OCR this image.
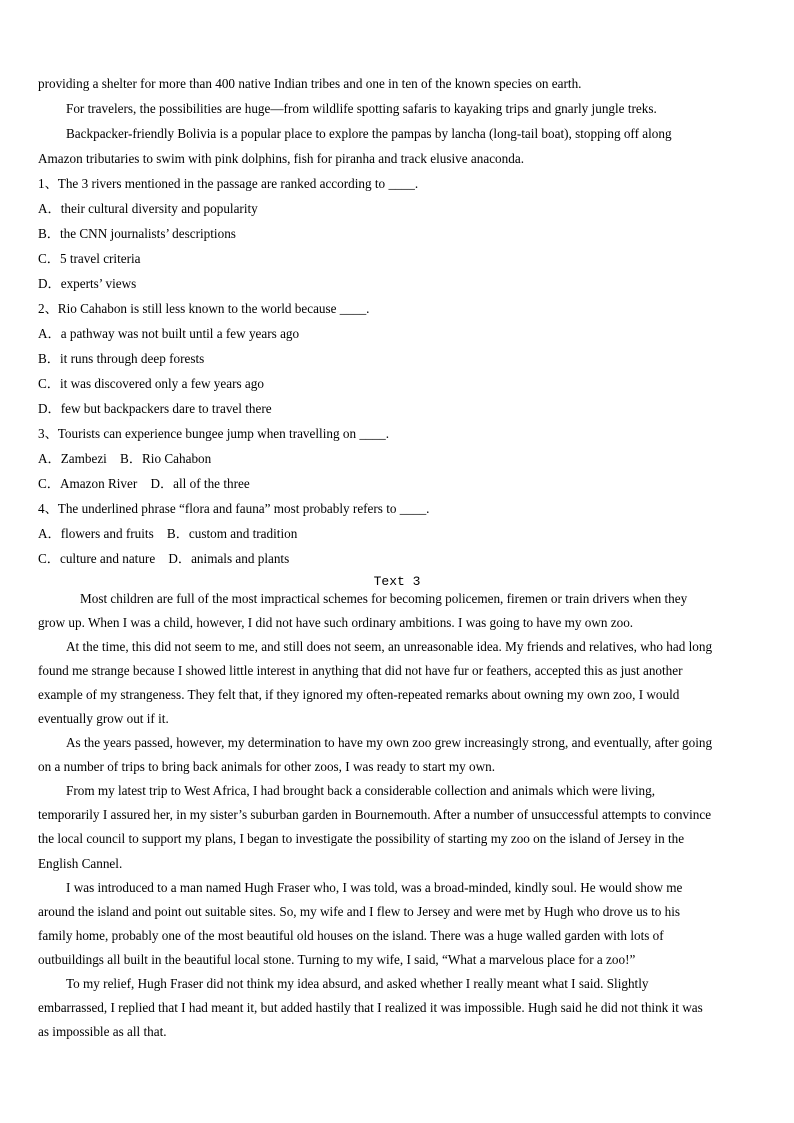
providing a shelter for more than 400 native Indian tribes and one in ten of the known species on earth.
For travelers, the possibilities are huge—from wildlife spotting safaris to kayaking trips and gnarly jungle treks.
Backpacker-friendly Bolivia is a popular place to explore the pampas by lancha (long-tail boat), stopping off along
Amazon tributaries to swim with pink dolphins, fish for piranha and track elusive anaconda.
1、The 3 rivers mentioned in the passage are ranked according to ____.
A．their cultural diversity and popularity
B．the CNN journalists’ descriptions
C．5 travel criteria
D．experts’ views
2、Rio Cahabon is still less known to the world because ____.
A．a pathway was not built until a few years ago
B．it runs through deep forests
C．it was discovered only a few years ago
D．few but backpackers dare to travel there
3、Tourists can experience bungee jump when travelling on ____.
A．Zambezi    B．Rio Cahabon
C．Amazon River    D．all of the three
4、The underlined phrase “flora and fauna” most probably refers to ____.
A．flowers and fruits    B．custom and tradition
C．culture and nature    D．animals and plants
Text 3
Most children are full of the most impractical schemes for becoming policemen, firemen or train drivers when they
grow up. When I was a child, however, I did not have such ordinary ambitions. I was going to have my own zoo.
At the time, this did not seem to me, and still does not seem, an unreasonable idea. My friends and relatives, who had long
found me strange because I showed little interest in anything that did not have fur or feathers, accepted this as just another
example of my strangeness. They felt that, if they ignored my often-repeated remarks about owning my own zoo, I would
eventually grow out if it.
As the years passed, however, my determination to have my own zoo grew increasingly strong, and eventually, after going
on a number of trips to bring back animals for other zoos, I was ready to start my own.
From my latest trip to West Africa, I had brought back a considerable collection and animals which were living,
temporarily I assured her, in my sister’s suburban garden in Bournemouth. After a number of unsuccessful attempts to convince
the local council to support my plans, I began to investigate the possibility of starting my zoo on the island of Jersey in the
English Cannel.
I was introduced to a man named Hugh Fraser who, I was told, was a broad-minded, kindly soul. He would show me
around the island and point out suitable sites. So, my wife and I flew to Jersey and were met by Hugh who drove us to his
family home, probably one of the most beautiful old houses on the island. There was a huge walled garden with lots of
outbuildings all built in the beautiful local stone. Turning to my wife, I said, “What a marvelous place for a zoo!”
To my relief, Hugh Fraser did not think my idea absurd, and asked whether I really meant what I said. Slightly
embarrassed, I replied that I had meant it, but added hastily that I realized it was impossible. Hugh said he did not think it was
as impossible as all that.
